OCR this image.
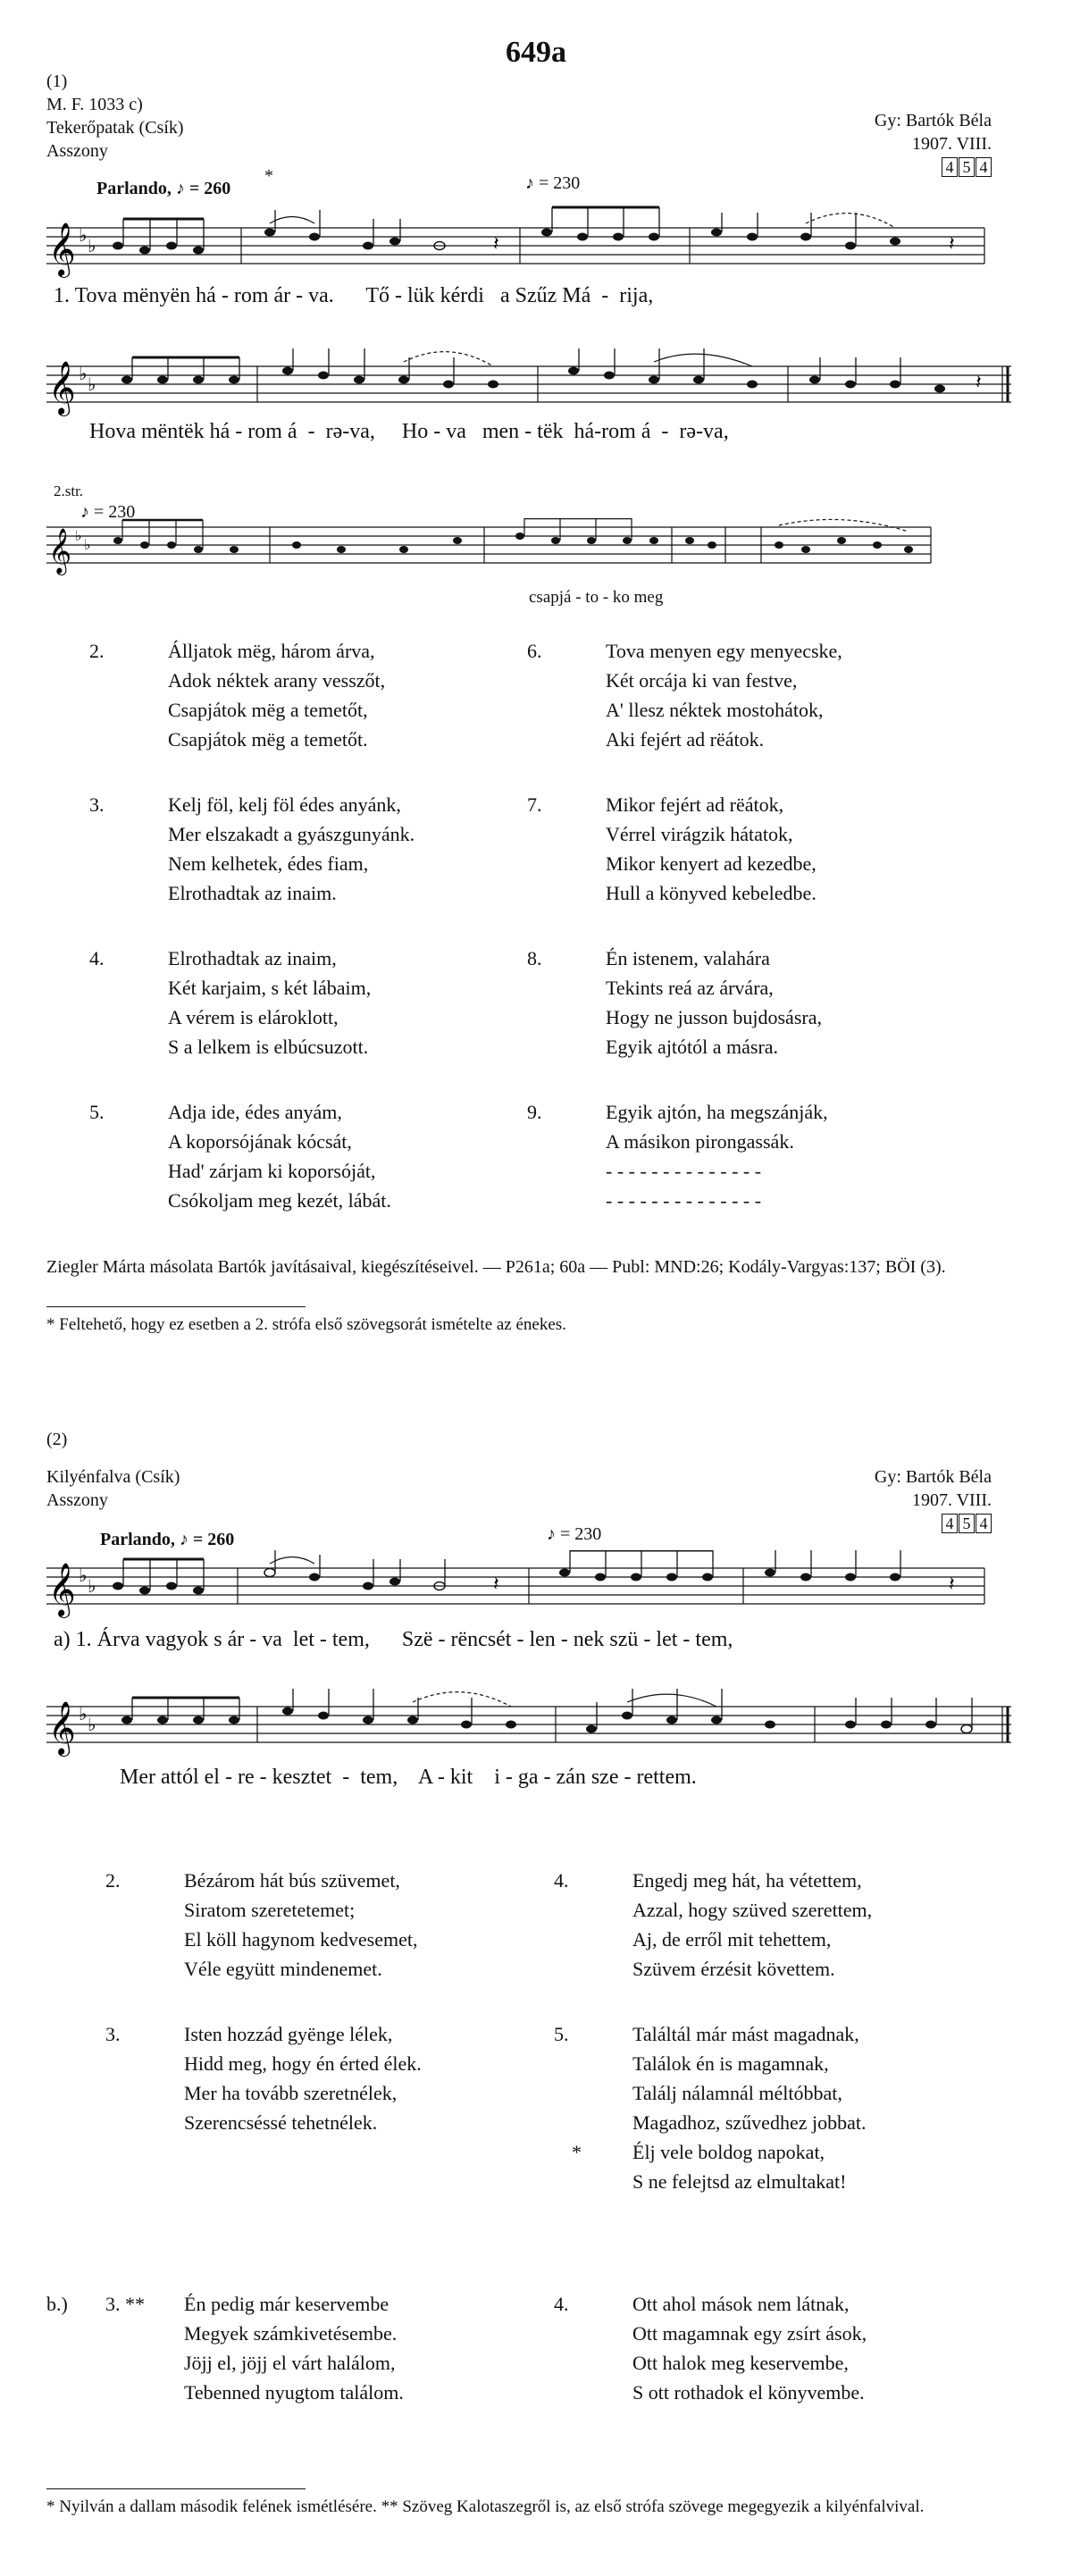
649a
(1)
M. F. 1033 c)
Tekerőpatak (Csík)
Asszony
Gy: Bartók Béla
1907. VIII.
4 5 4
Parlando, ♪ = 260
*	♪ = 230
𝄞 ♭
♭	𝄽	𝄽
1. Tova mënyën há - rom ár - va.      Tő - lük kérdi   a Szűz Má  -  rija,
𝄞 ♭
♭	𝄽
Hova mëntëk há - rom á  -  rə-va,     Ho - va   men - tëk  há-rom á  -  rə-va,
2.str.
♪ = 230
𝄞 ♭
♭
csapjá - to - ko meg
2.	Álljatok mëg, három árva,
Adok néktek arany vesszőt,
Csapjátok mëg a temetőt,
Csapjátok mëg a temetőt.
3.	Kelj föl, kelj föl édes anyánk,
Mer elszakadt a gyászgunyánk.
Nem kelhetek, édes fiam,
Elrothadtak az inaim.
4.	Elrothadtak az inaim,
Két karjaim, s két lábaim,
A vérem is elároklott,
S a lelkem is elbúcsuzott.
5.	Adja ide, édes anyám,
A koporsójának kócsát,
Had' zárjam ki koporsóját,
Csókoljam meg kezét, lábát.
6.	Tova menyen egy menyecske,
Két orcája ki van festve,
A' llesz néktek mostohátok,
Aki fejért ad rëátok.
7.	Mikor fejért ad rëátok,
Vérrel virágzik hátatok,
Mikor kenyert ad kezedbe,
Hull a könyved kebeledbe.
8.	Én istenem, valahára
Tekints reá az árvára,
Hogy ne jusson bujdosásra,
Egyik ajtótól a másra.
9.	Egyik ajtón, ha megszánják,
A másikon pirongassák.
- - - - - - - - - - - - - -
- - - - - - - - - - - - - -
Ziegler Márta másolata Bartók javításaival, kiegészítéseivel. — P261a; 60a — Publ: MND:26; Kodály-Vargyas:137; BÖI (3).
* Feltehető, hogy ez esetben a 2. strófa első szövegsorát ismételte az énekes.
(2)
Kilyénfalva (Csík)
Asszony
Gy: Bartók Béla
1907. VIII.
4 5 4
Parlando, ♪ = 260	♪ = 230
𝄞 ♭
♭	𝄽	𝄽
a) 1. Árva vagyok s ár - va  let - tem,      Szë - rëncsét - len - nek szü - let - tem,
𝄞 ♭
♭
Mer attól el - re - kesztet  -  tem,    A - kit    i - ga - zán sze - rettem.
2.	Bézárom hát bús szüvemet,
Siratom szeretetemet;
El köll hagynom kedvesemet,
Véle együtt mindenemet.
3.	Isten hozzád gyënge lélek,
Hidd meg, hogy én érted élek.
Mer ha tovább szeretnélek,
Szerencséssé tehetnélek.
4.	Engedj meg hát, ha vétettem,
Azzal, hogy szüved szerettem,
Aj, de erről mit tehettem,
Szüvem érzésit követtem.
5.	Találtál már mást magadnak,
Találok én is magamnak,
Találj nálamnál méltóbbat,
Magadhoz, szűvedhez jobbat.
*	Élj vele boldog napokat,
S ne felejtsd az elmultakat!
b.) 3. ** Én pedig már keservembe
Megyek számkivetésembe.
Jöjj el, jöjj el várt halálom,
Tebenned nyugtom találom.
4.	Ott ahol mások nem látnak,
Ott magamnak egy zsírt ások,
Ott halok meg keservembe,
S ott rothadok el könyvembe.
* Nyilván a dallam második felének ismétlésére. ** Szöveg Kalotaszegről is, az első strófa szövege megegyezik a kilyénfalvival.
